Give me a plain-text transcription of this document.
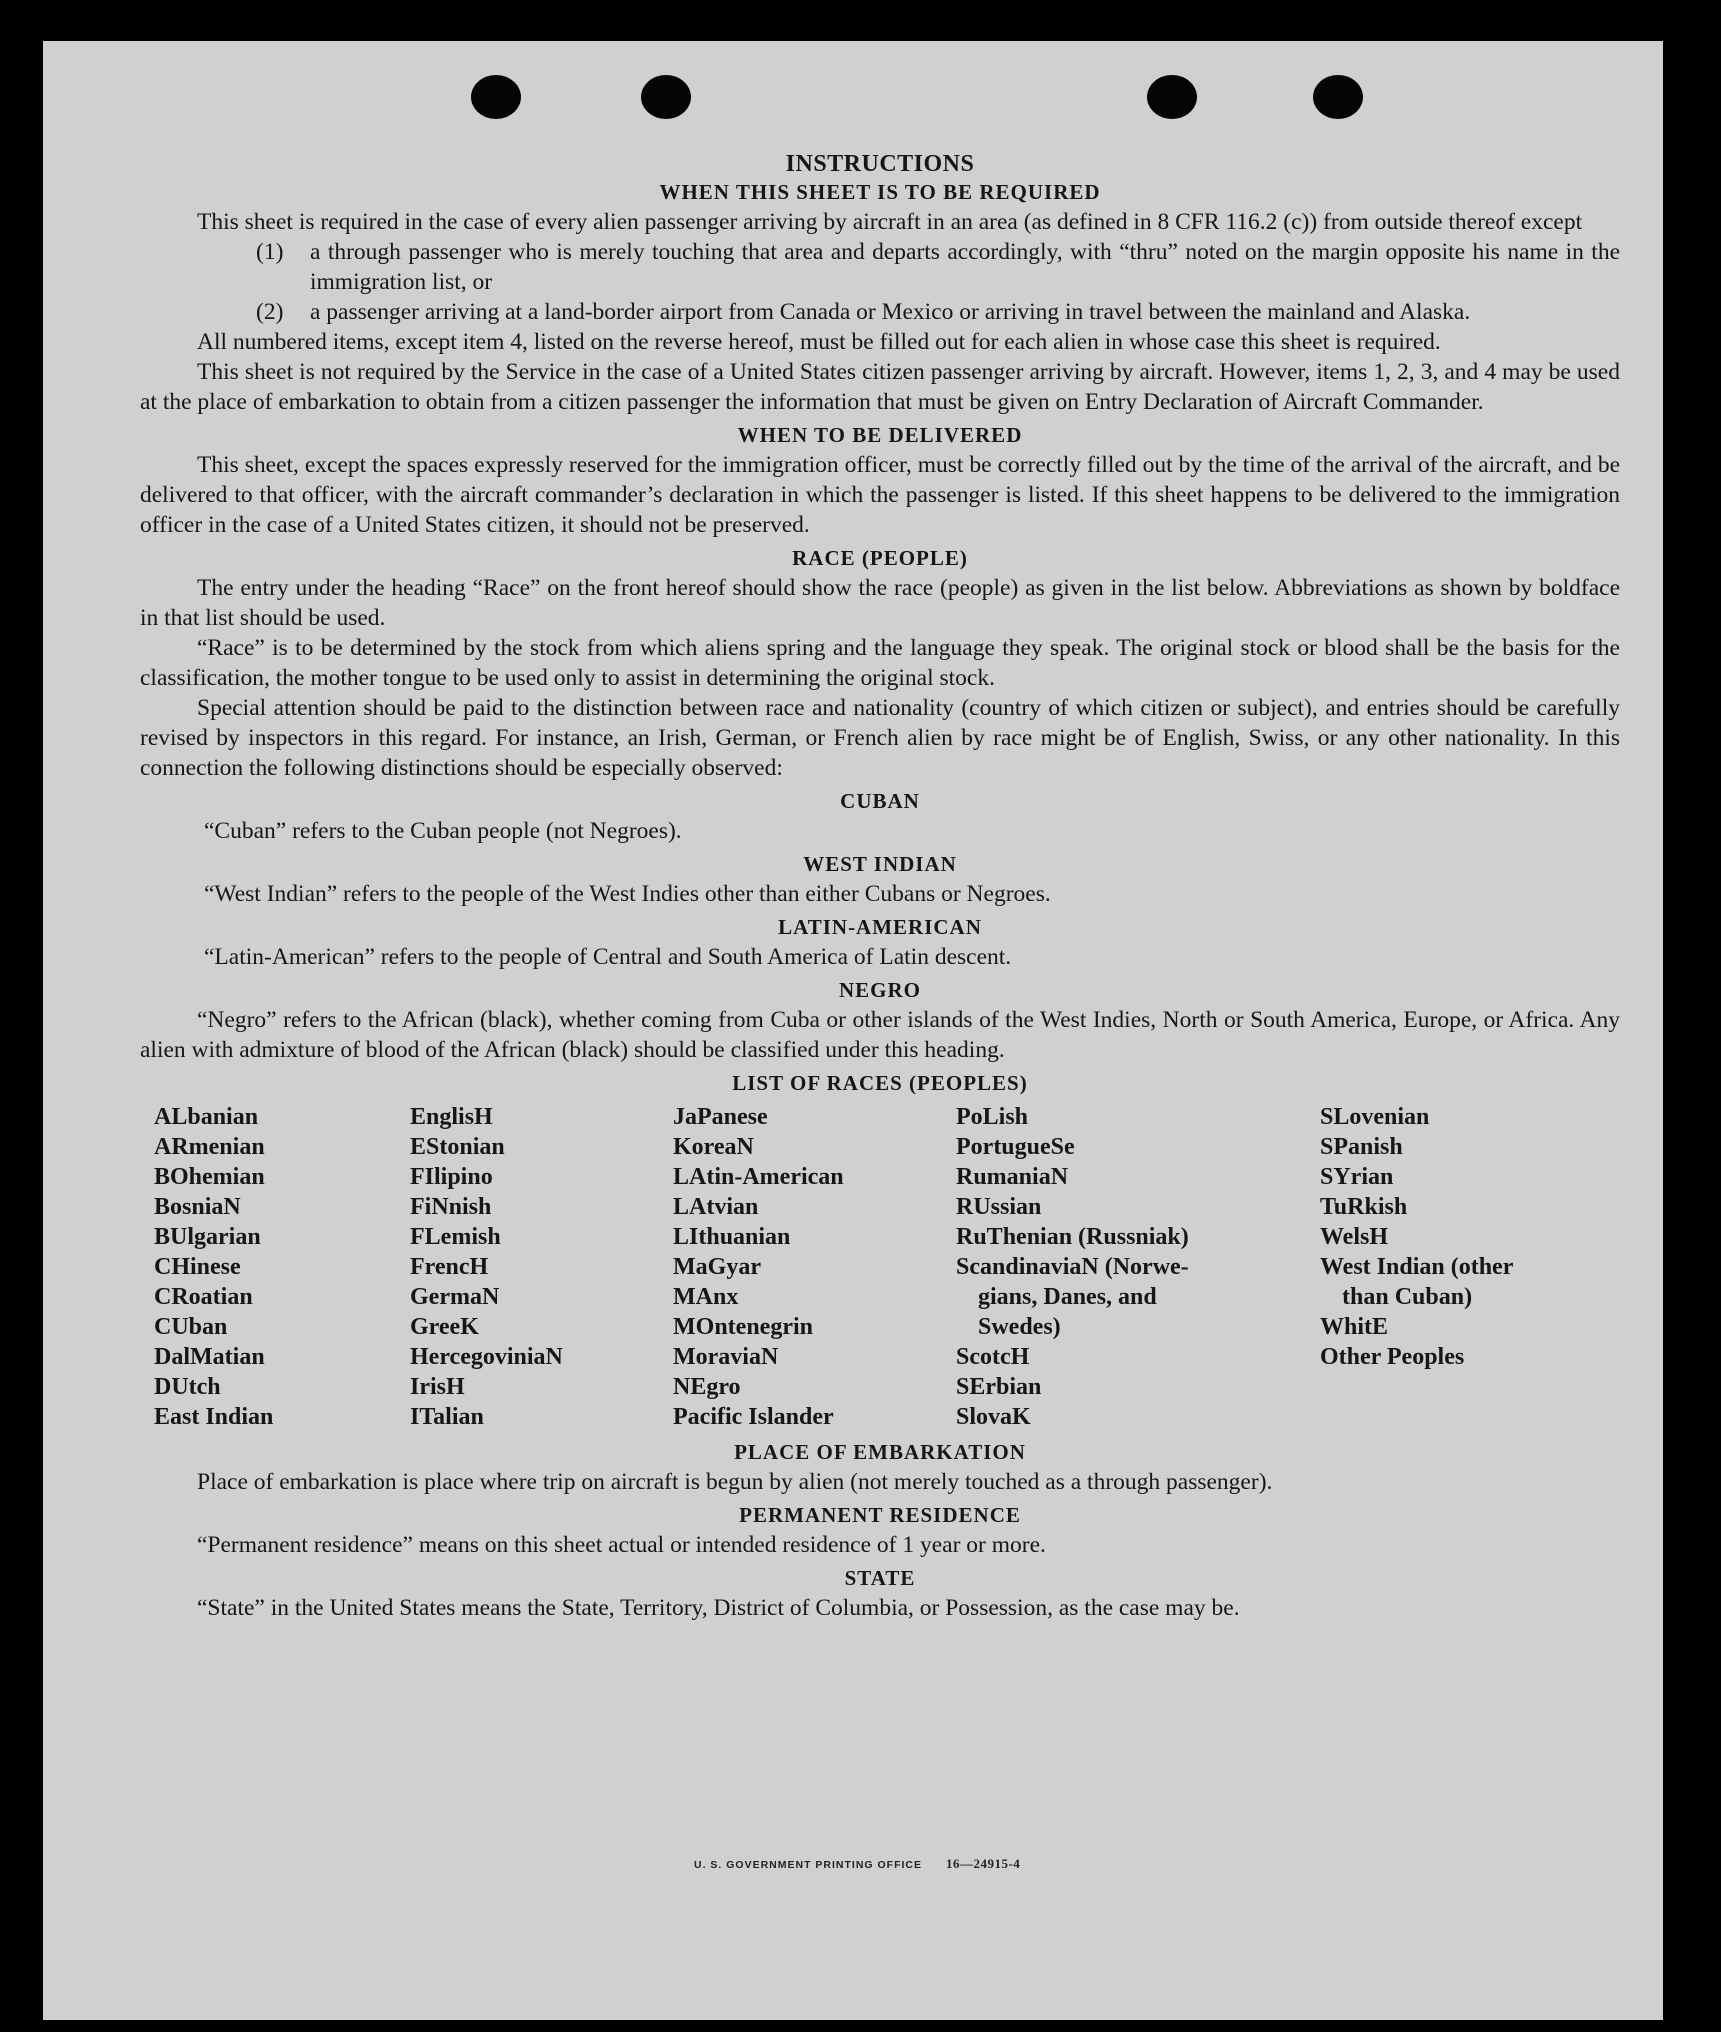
INSTRUCTIONS
WHEN THIS SHEET IS TO BE REQUIRED

This sheet is required in the case of every alien passenger arriving by aircraft in an area (as defined in 8 CFR 116.2 (c)) from outside thereof except

(1)	a through passenger who is merely touching that area and departs accordingly, with “thru” noted on the margin opposite his name in the immigration list, or
(2)	a passenger arriving at a land-border airport from Canada or Mexico or arriving in travel between the mainland and Alaska.

All numbered items, except item 4, listed on the reverse hereof, must be filled out for each alien in whose case this sheet is required.

This sheet is not required by the Service in the case of a United States citizen passenger arriving by aircraft. However, items 1, 2, 3, and 4 may be used at the place of embarkation to obtain from a citizen passenger the information that must be given on Entry Declaration of Aircraft Commander.

WHEN TO BE DELIVERED

This sheet, except the spaces expressly reserved for the immigration officer, must be correctly filled out by the time of the arrival of the aircraft, and be delivered to that officer, with the aircraft commander’s declaration in which the passenger is listed. If this sheet happens to be delivered to the immigration officer in the case of a United States citizen, it should not be preserved.

RACE (PEOPLE)

The entry under the heading “Race” on the front hereof should show the race (people) as given in the list below. Abbreviations as shown by boldface in that list should be used.

“Race” is to be determined by the stock from which aliens spring and the language they speak. The original stock or blood shall be the basis for the classification, the mother tongue to be used only to assist in determining the original stock.

Special attention should be paid to the distinction between race and nationality (country of which citizen or subject), and entries should be carefully revised by inspectors in this regard. For instance, an Irish, German, or French alien by race might be of English, Swiss, or any other nationality. In this connection the following distinctions should be especially observed:

CUBAN

“Cuban” refers to the Cuban people (not Negroes).

WEST INDIAN

“West Indian” refers to the people of the West Indies other than either Cubans or Negroes.

LATIN-AMERICAN

“Latin-American” refers to the people of Central and South America of Latin descent.

NEGRO

“Negro” refers to the African (black), whether coming from Cuba or other islands of the West Indies, North or South America, Europe, or Africa. Any alien with admixture of blood of the African (black) should be classified under this heading.

LIST OF RACES (PEOPLES)
ALbanian
ARmenian
BOhemian
BosniaN
BUlgarian
CHinese
CRoatian
CUban
DalMatian
DUtch
East Indian
EnglisH
EStonian
FIlipino
FiNnish
FLemish
FrencH
GermaN
GreeK
HercegoviniaN
IrisH
ITalian
JaPanese
KoreaN
LAtin-American
LAtvian
LIthuanian
MaGyar
MAnx
MOntenegrin
MoraviaN
NEgro
Pacific Islander
PoLish
PortugueSe
RumaniaN
RUssian
RuThenian (Russniak)
ScandinaviaN (Norwe-
gians, Danes, and
Swedes)
ScotcH
SErbian
SlovaK
SLovenian
SPanish
SYrian
TuRkish
WelsH
West Indian (other
than Cuban)
WhitE
Other Peoples
PLACE OF EMBARKATION

Place of embarkation is place where trip on aircraft is begun by alien (not merely touched as a through passenger).

PERMANENT RESIDENCE

“Permanent residence” means on this sheet actual or intended residence of 1 year or more.

STATE

“State” in the United States means the State, Territory, District of Columbia, or Possession, as the case may be.

U. S. GOVERNMENT PRINTING OFFICE 16—24915-4
